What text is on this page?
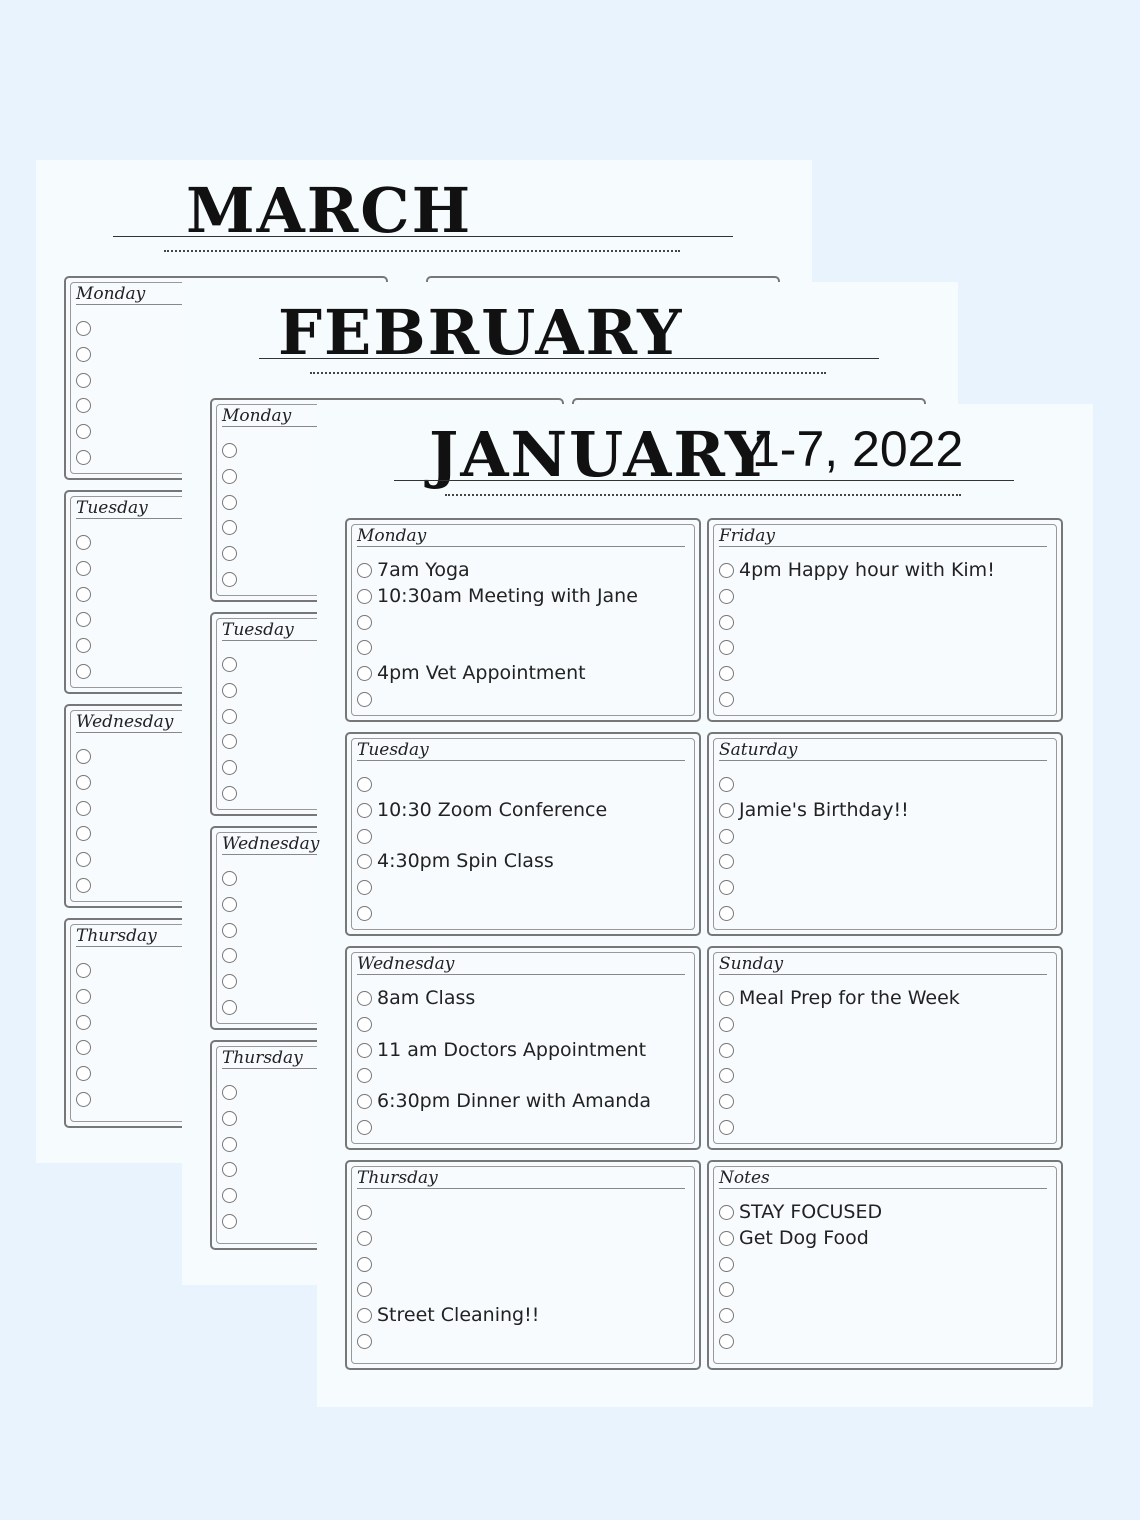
MARCH
Monday
Tuesday
Wednesday
Thursday
FEBRUARY
Monday
Tuesday
Wednesday
Thursday
JANUARY
1-7, 2022
Monday
7am Yoga
10:30am Meeting with Jane
4pm Vet Appointment
Friday
4pm Happy hour with Kim!
Tuesday
10:30 Zoom Conference
4:30pm Spin Class
Saturday
Jamie's Birthday!!
Wednesday
8am Class
11 am Doctors Appointment
6:30pm Dinner with Amanda
Sunday
Meal Prep for the Week
Thursday
Street Cleaning!!
Notes
STAY FOCUSED
Get Dog Food
